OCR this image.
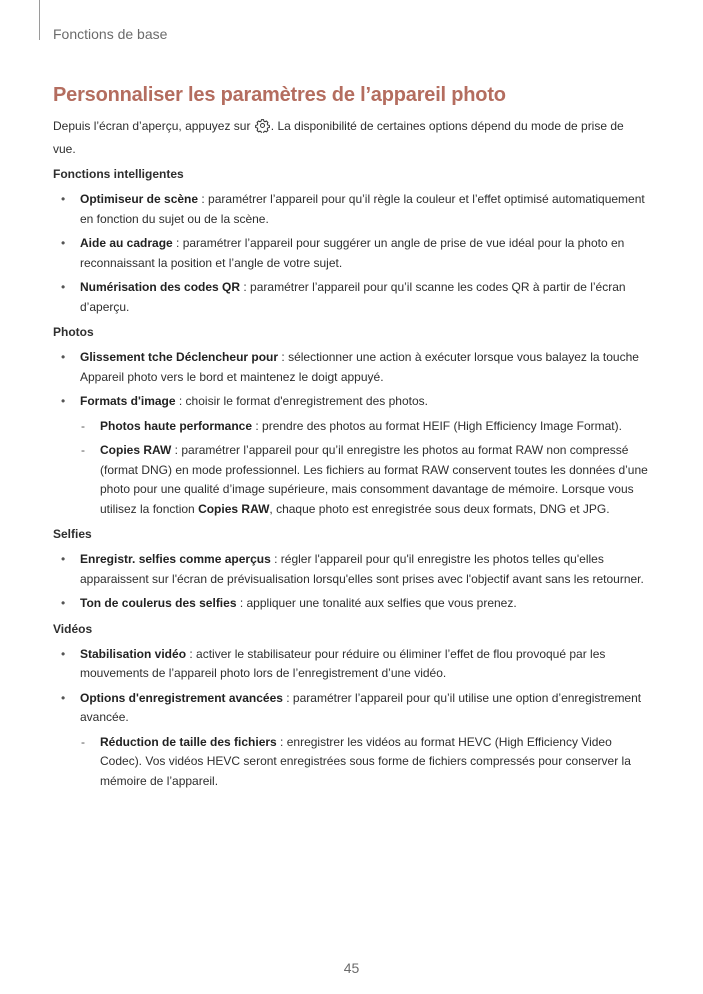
Fonctions de base
Personnaliser les paramètres de l’appareil photo

Depuis l’écran d’aperçu, appuyez sur . La disponibilité de certaines options dépend du mode de prise de vue.

Fonctions intelligentes
• Optimiseur de scène : paramétrer l’appareil pour qu’il règle la couleur et l’effet optimisé automatiquement en fonction du sujet ou de la scène.
• Aide au cadrage : paramétrer l’appareil pour suggérer un angle de prise de vue idéal pour la photo en reconnaissant la position et l’angle de votre sujet.
• Numérisation des codes QR : paramétrer l’appareil pour qu’il scanne les codes QR à partir de l’écran d’aperçu.
Photos
• Glissement tche Déclencheur pour : sélectionner une action à exécuter lorsque vous balayez la touche Appareil photo vers le bord et maintenez le doigt appuyé.
• Formats d'image : choisir le format d'enregistrement des photos.
- Photos haute performance : prendre des photos au format HEIF (High Efficiency Image Format).
- Copies RAW : paramétrer l’appareil pour qu’il enregistre les photos au format RAW non compressé (format DNG) en mode professionnel. Les fichiers au format RAW conservent toutes les données d’une photo pour une qualité d’image supérieure, mais consomment davantage de mémoire. Lorsque vous utilisez la fonction Copies RAW, chaque photo est enregistrée sous deux formats, DNG et JPG.
Selfies
• Enregistr. selfies comme aperçus : régler l'appareil pour qu'il enregistre les photos telles qu'elles apparaissent sur l'écran de prévisualisation lorsqu'elles sont prises avec l'objectif avant sans les retourner.
• Ton de coulerus des selfies : appliquer une tonalité aux selfies que vous prenez.
Vidéos
• Stabilisation vidéo : activer le stabilisateur pour réduire ou éliminer l’effet de flou provoqué par les mouvements de l’appareil photo lors de l’enregistrement d’une vidéo.
• Options d'enregistrement avancées : paramétrer l’appareil pour qu’il utilise une option d’enregistrement avancée.
- Réduction de taille des fichiers : enregistrer les vidéos au format HEVC (High Efficiency Video Codec). Vos vidéos HEVC seront enregistrées sous forme de fichiers compressés pour conserver la mémoire de l’appareil.
45
